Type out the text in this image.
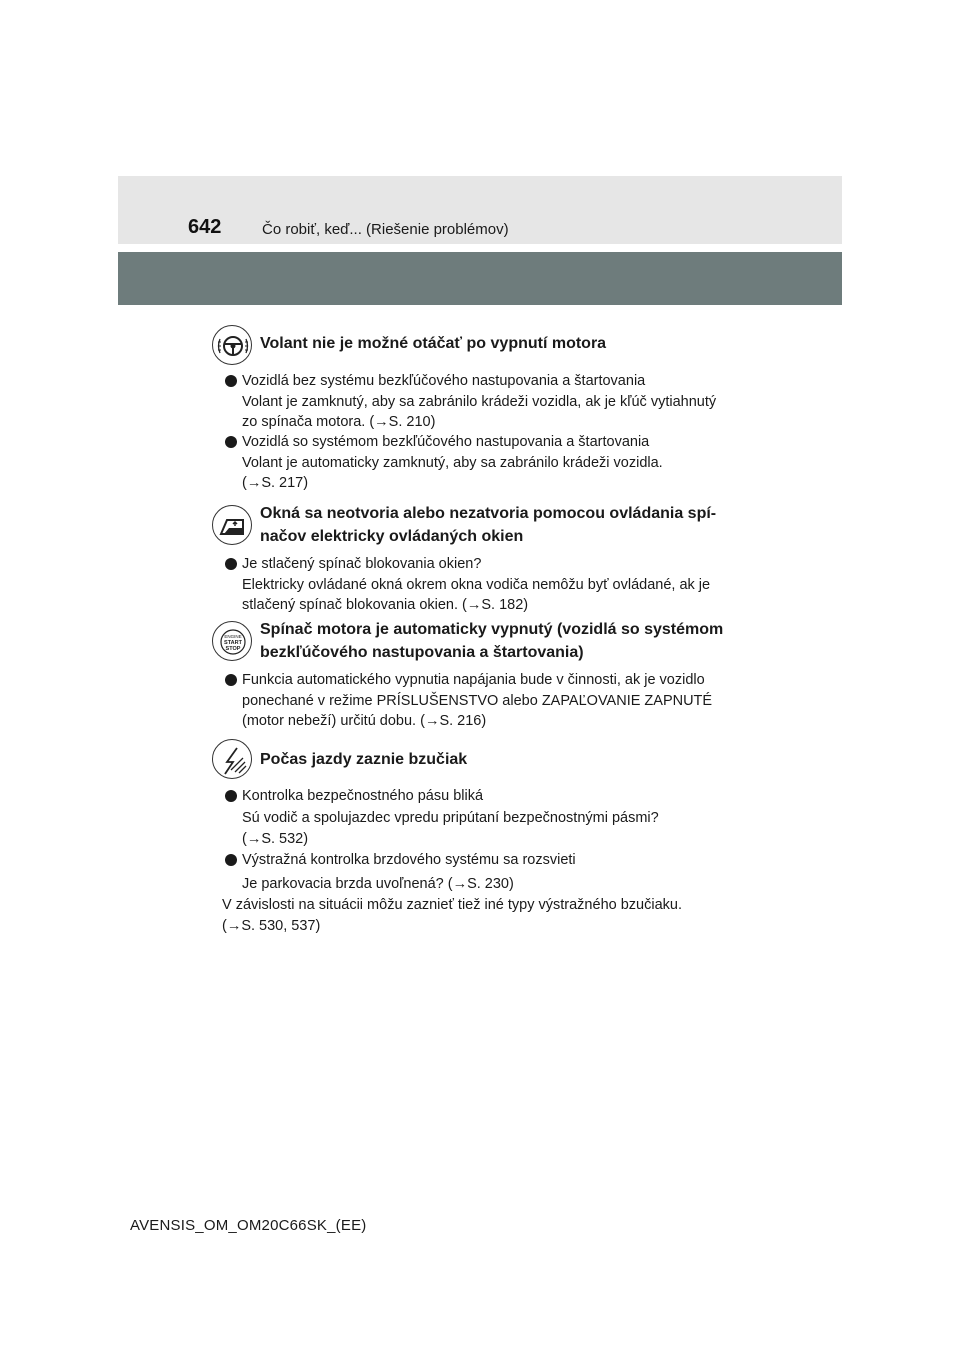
642	Čo robiť, keď... (Riešenie problémov)
Volant nie je možné otáčať po vypnutí motora
Vozidlá bez systému bezkľúčového nastupovania a štartovania
Volant je zamknutý, aby sa zabránilo krádeži vozidla, ak je kľúč vytiahnutý
zo spínača motora. (→S. 210)
Vozidlá so systémom bezkľúčového nastupovania a štartovania
Volant je automaticky zamknutý, aby sa zabránilo krádeži vozidla.
(→S. 217)
Okná sa neotvoria alebo nezatvoria pomocou ovládania spí-
načov elektricky ovládaných okien
Je stlačený spínač blokovania okien?
Elektricky ovládané okná okrem okna vodiča nemôžu byť ovládané, ak je
stlačený spínač blokovania okien. (→S. 182)
ENGINE
START
STOP
Spínač motora je automaticky vypnutý (vozidlá so systémom
bezkľúčového nastupovania a štartovania)
Funkcia automatického vypnutia napájania bude v činnosti, ak je vozidlo
ponechané v režime PRÍSLUŠENSTVO alebo ZAPAĽOVANIE ZAPNUTÉ
(motor nebeží) určitú dobu. (→S. 216)
Počas jazdy zaznie bzučiak
Kontrolka bezpečnostného pásu bliká
Sú vodič a spolujazdec vpredu pripútaní bezpečnostnými pásmi?
(→S. 532)
Výstražná kontrolka brzdového systému sa rozsvieti
Je parkovacia brzda uvoľnená? (→S. 230)
V závislosti na situácii môžu zaznieť tiež iné typy výstražného bzučiaku.
(→S. 530, 537)
AVENSIS_OM_OM20C66SK_(EE)
